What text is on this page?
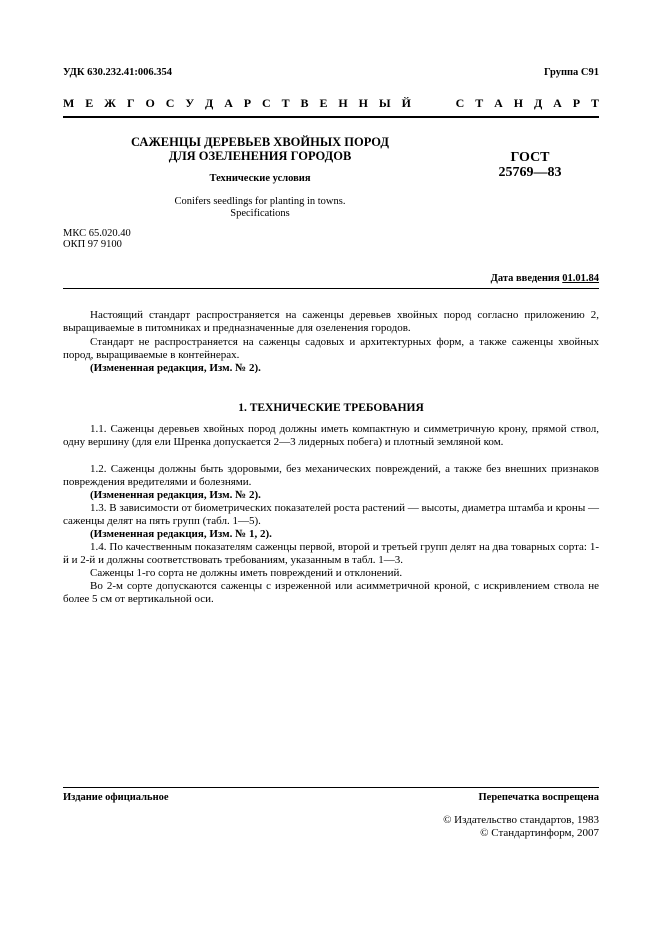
УДК 630.232.41:006.354	Группа С91
М Е Ж Г О С У Д А Р С Т В Е Н Н Ы Й	С Т А Н Д А Р Т
САЖЕНЦЫ ДЕРЕВЬЕВ ХВОЙНЫХ ПОРОД
ДЛЯ ОЗЕЛЕНЕНИЯ ГОРОДОВ
Технические условия
Conifers seedlings for planting in towns.
Specifications
ГОСТ
25769—83
МКС 65.020.40
ОКП 97 9100
Дата введения 01.01.84
Настоящий стандарт распространяется на саженцы деревьев хвойных пород согласно приложению 2, выращиваемые в питомниках и предназначенные для озеленения городов.
Стандарт не распространяется на саженцы садовых и архитектурных форм, а также саженцы хвойных пород, выращиваемые в контейнерах.
(Измененная редакция, Изм. № 2).
1. ТЕХНИЧЕСКИЕ ТРЕБОВАНИЯ
1.1. Саженцы деревьев хвойных пород должны иметь компактную и симметричную крону, прямой ствол, одну вершину (для ели Шренка допускается 2—3 лидерных побега) и плотный земляной ком.
1.2. Саженцы должны быть здоровыми, без механических повреждений, а также без внешних признаков повреждения вредителями и болезнями.
(Измененная редакция, Изм. № 2).
1.3. В зависимости от биометрических показателей роста растений — высоты, диаметра штамба и кроны — саженцы делят на пять групп (табл. 1—5).
(Измененная редакция, Изм. № 1, 2).
1.4. По качественным показателям саженцы первой, второй и третьей групп делят на два товарных сорта: 1-й и 2-й и должны соответствовать требованиям, указанным в табл. 1—3.
Саженцы 1-го сорта не должны иметь повреждений и отклонений.
Во 2-м сорте допускаются саженцы с изреженной или асимметричной кроной, с искривлением ствола не более 5 см от вертикальной оси.
Издание официальное	Перепечатка воспрещена
© Издательство стандартов, 1983
© Стандартинформ, 2007
